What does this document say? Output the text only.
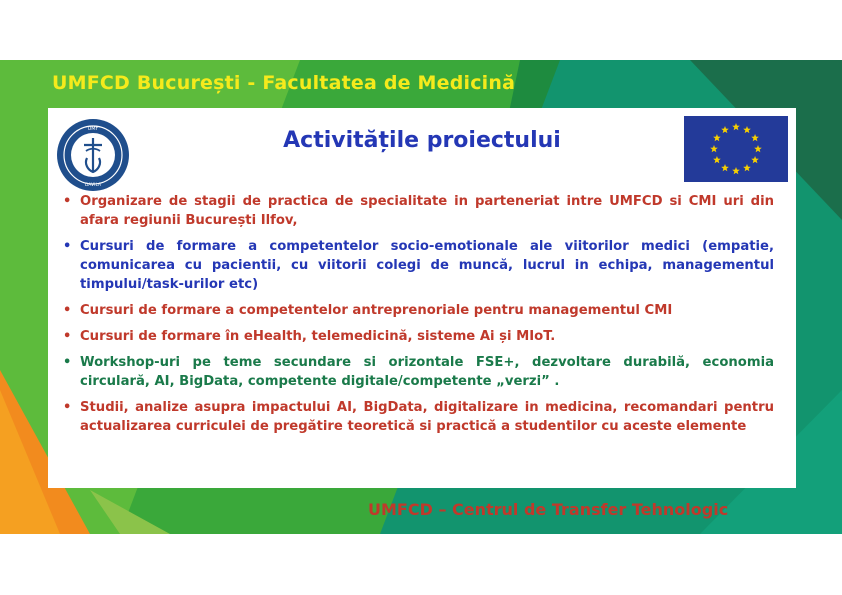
UMFCD București - Facultatea de Medicină
UMF
DAVILA
Activitățile proiectului
• Organizare de stagii de practica de specialitate in parteneriat intre UMFCD si CMI uri din afara regiunii București Ilfov,
• Cursuri de formare a competentelor socio-emotionale ale viitorilor medici (empatie, comunicarea cu pacientii, cu viitorii colegi de muncă, lucrul in echipa, managementul timpului/task-urilor etc)
• Cursuri de formare a competentelor antreprenoriale pentru managementul CMI
• Cursuri de formare în eHealth, telemedicină, sisteme Ai și MIoT.
• Workshop-uri pe teme secundare si orizontale FSE+, dezvoltare durabilă, economia circulară, AI, BigData, competente digitale/competente „verzi” .
• Studii, analize asupra impactului AI, BigData, digitalizare in medicina, recomandari pentru actualizarea curriculei de pregătire teoretică si practică a studentilor cu aceste elemente
UMFCD – Centrul de Transfer Tehnologic
